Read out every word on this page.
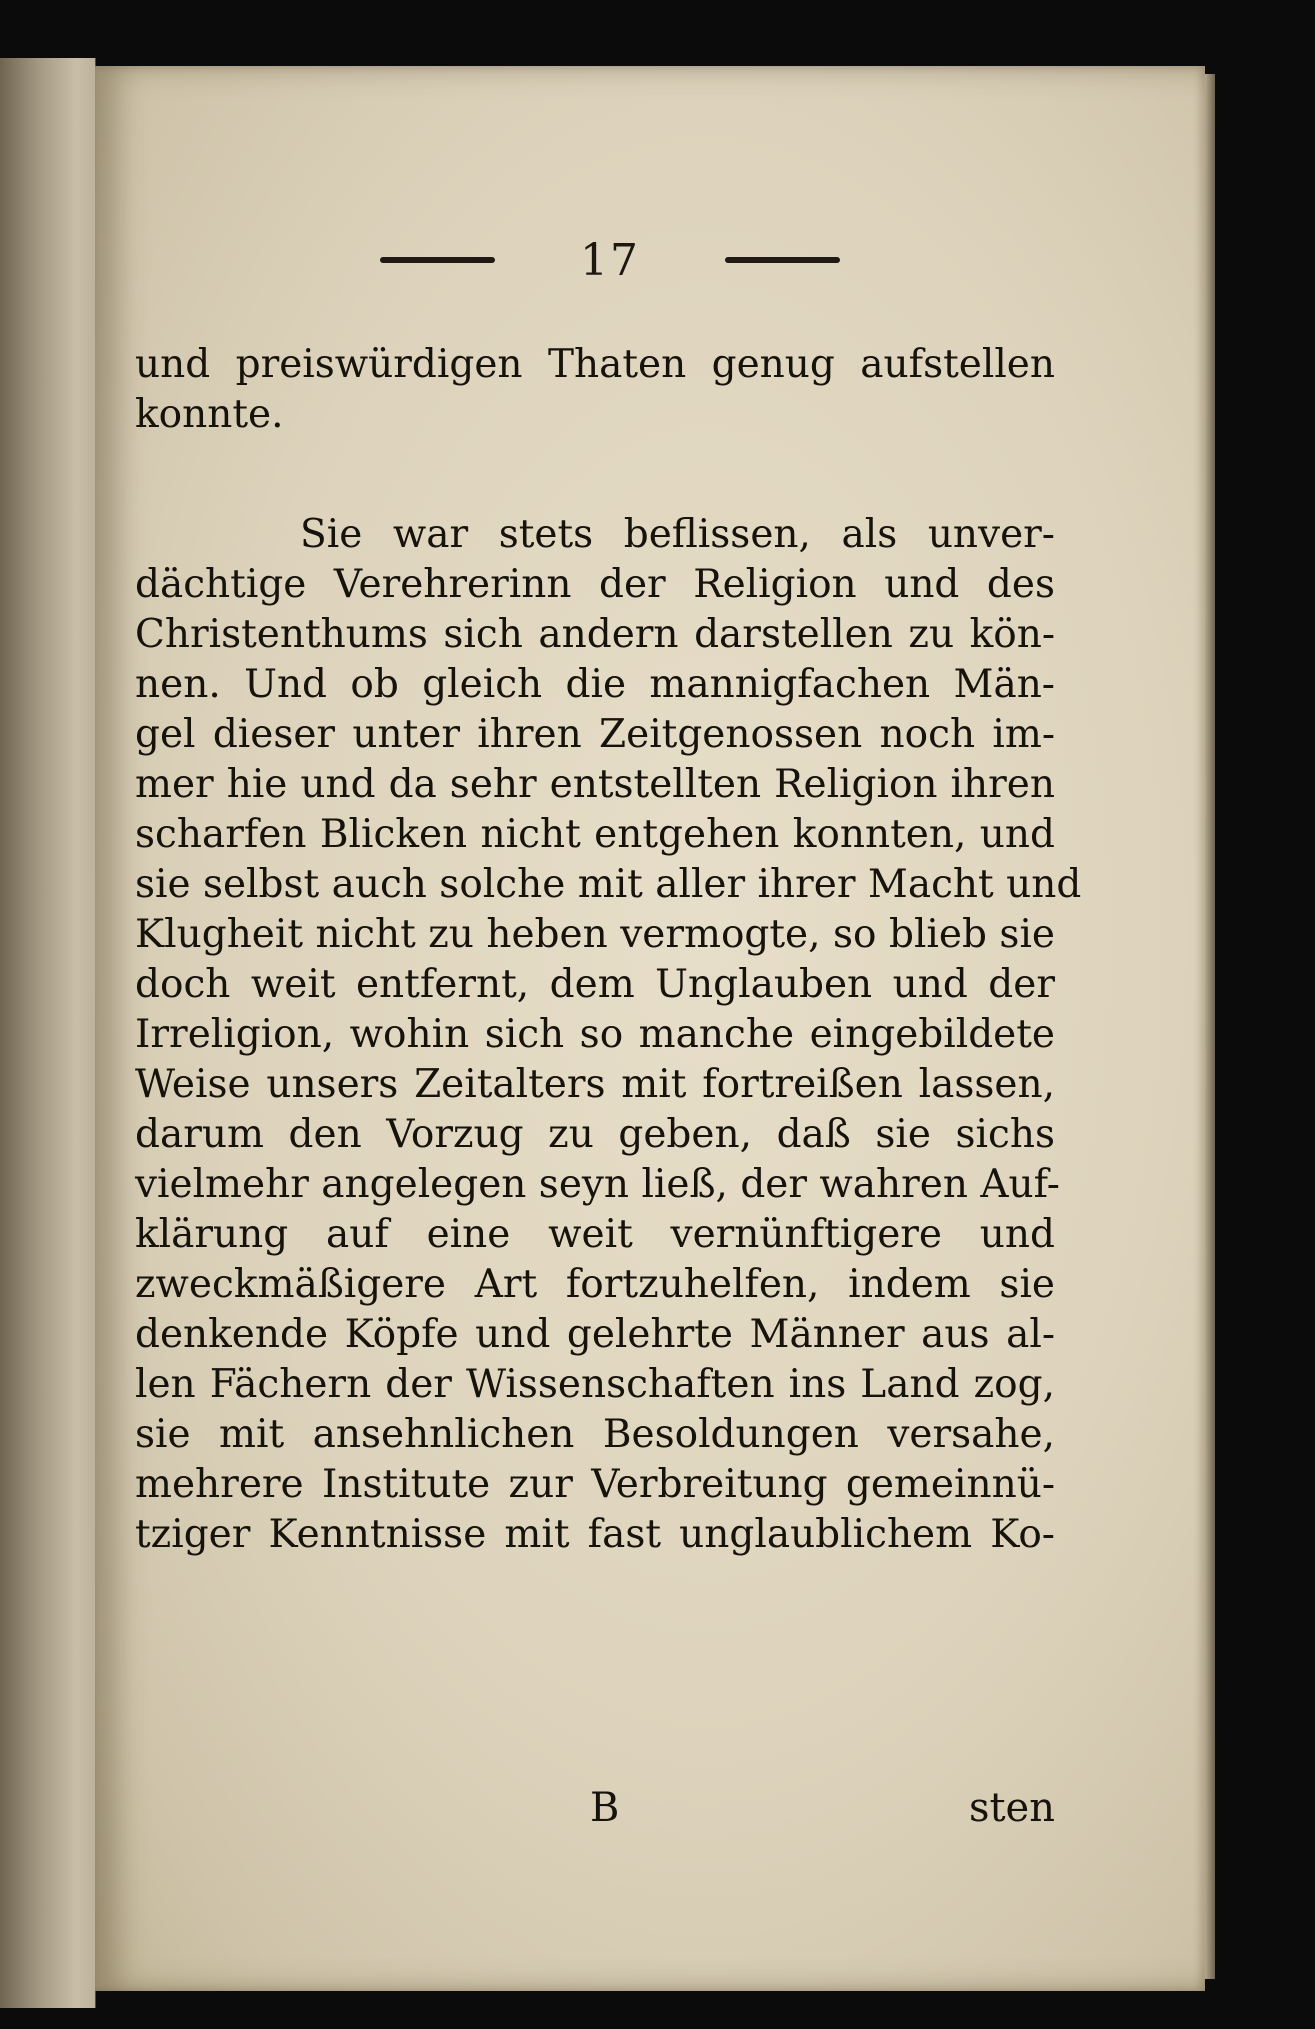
17
und preiswürdigen Thaten genug aufstellen
konnte.
Sie war stets beflissen, als unver-
dächtige Verehrerinn der Religion und des
Christenthums sich andern darstellen zu kön-
nen. Und ob gleich die mannigfachen Män-
gel dieser unter ihren Zeitgenossen noch im-
mer hie und da sehr entstellten Religion ihren
scharfen Blicken nicht entgehen konnten, und
sie selbst auch solche mit aller ihrer Macht und
Klugheit nicht zu heben vermogte, so blieb sie
doch weit entfernt, dem Unglauben und der
Irreligion, wohin sich so manche eingebildete
Weise unsers Zeitalters mit fortreißen lassen,
darum den Vorzug zu geben, daß sie sichs
vielmehr angelegen seyn ließ, der wahren Auf-
klärung auf eine weit vernünftigere und
zweckmäßigere Art fortzuhelfen, indem sie
denkende Köpfe und gelehrte Männer aus al-
len Fächern der Wissenschaften ins Land zog,
sie mit ansehnlichen Besoldungen versahe,
mehrere Institute zur Verbreitung gemeinnü-
tziger Kenntnisse mit fast unglaublichem Ko-
B	sten
